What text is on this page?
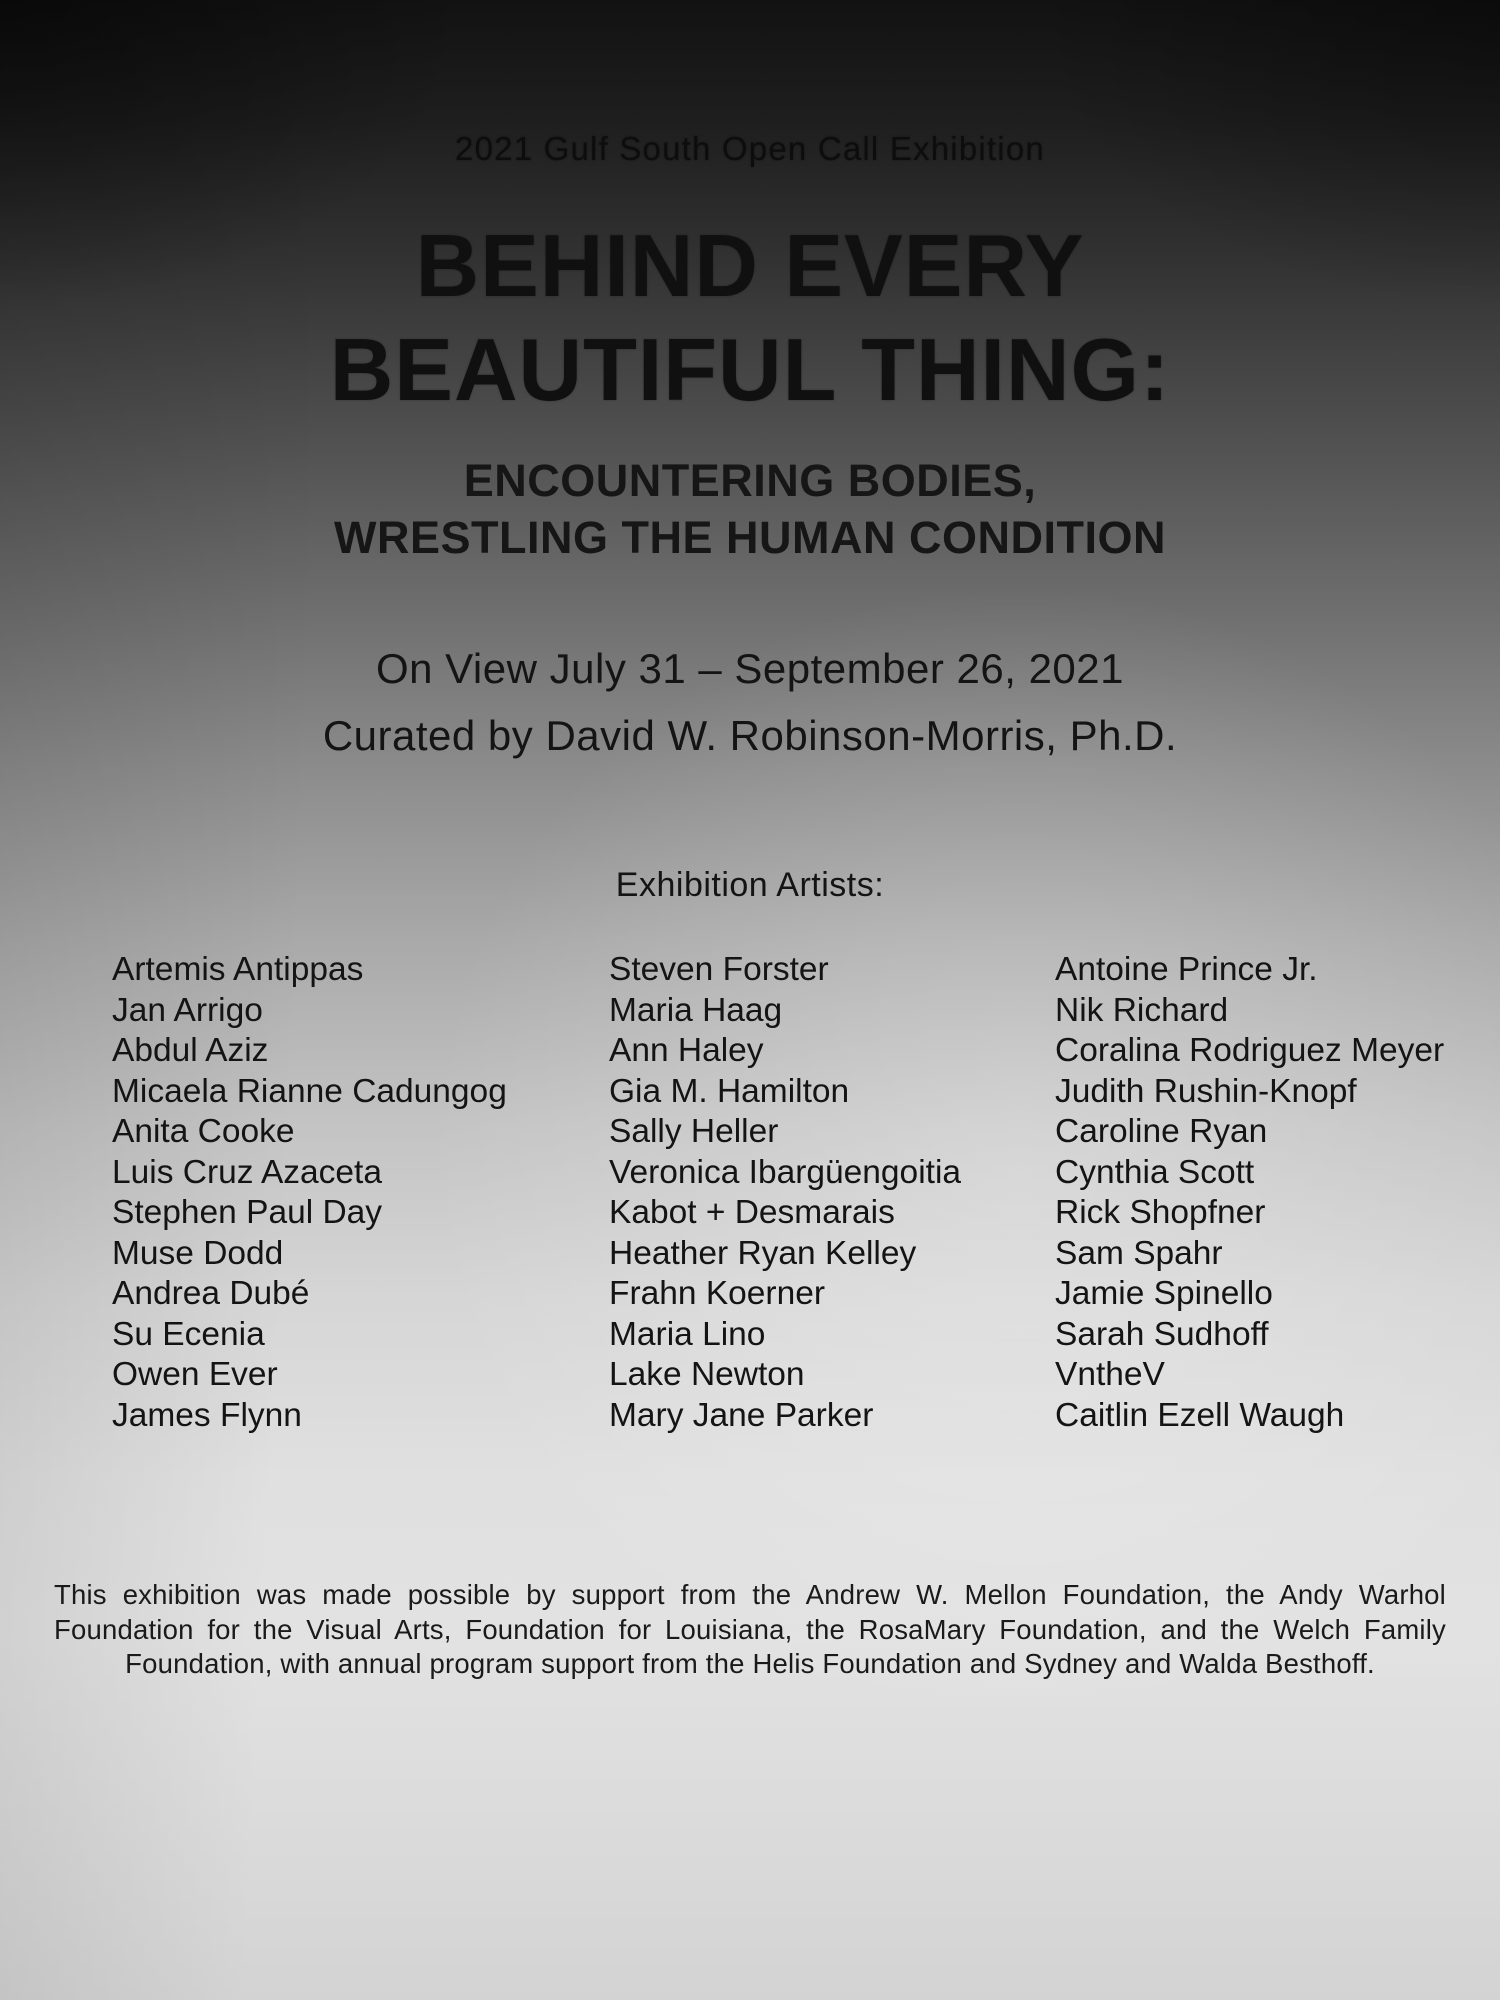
2021 Gulf South Open Call Exhibition
BEHIND EVERY
BEAUTIFUL THING:
ENCOUNTERING BODIES,
WRESTLING THE HUMAN CONDITION
On View July 31 – September 26, 2021
Curated by David W. Robinson-Morris, Ph.D.
Exhibition Artists:
Artemis Antippas
Jan Arrigo
Abdul Aziz
Micaela Rianne Cadungog
Anita Cooke
Luis Cruz Azaceta
Stephen Paul Day
Muse Dodd
Andrea Dubé
Su Ecenia
Owen Ever
James Flynn
Steven Forster
Maria Haag
Ann Haley
Gia M. Hamilton
Sally Heller
Veronica Ibargüengoitia
Kabot + Desmarais
Heather Ryan Kelley
Frahn Koerner
Maria Lino
Lake Newton
Mary Jane Parker
Antoine Prince Jr.
Nik Richard
Coralina Rodriguez Meyer
Judith Rushin-Knopf
Caroline Ryan
Cynthia Scott
Rick Shopfner
Sam Spahr
Jamie Spinello
Sarah Sudhoff
VntheV
Caitlin Ezell Waugh

This exhibition was made possible by support from the Andrew W. Mellon Foundation, the Andy Warhol Foundation for the Visual Arts, Foundation for Louisiana, the RosaMary Foundation, and the Welch Family Foundation, with annual program support from the Helis Foundation and Sydney and Walda Besthoff.
